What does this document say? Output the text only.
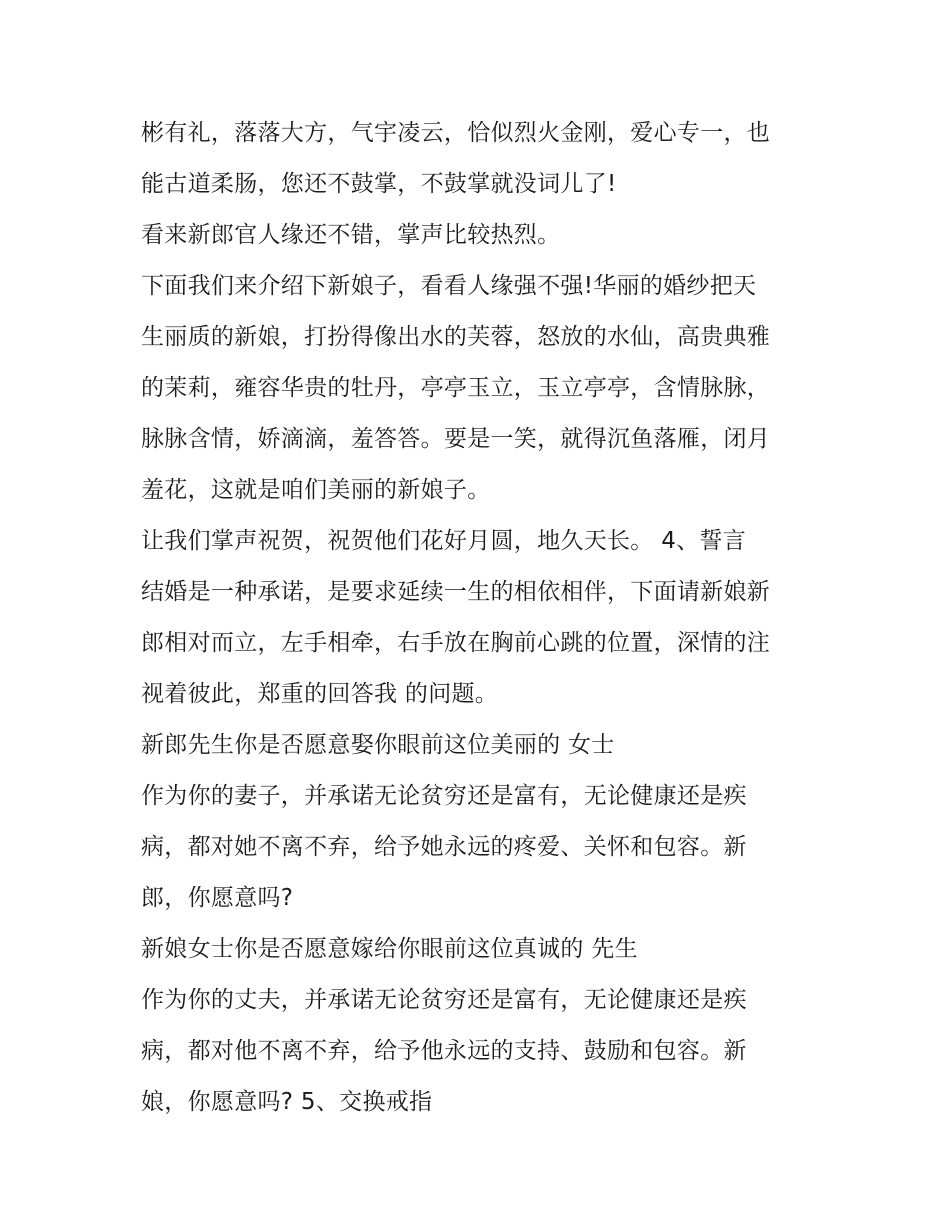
彬有礼，落落大方，气宇凌云，恰似烈火金刚，爱心专一，也
能古道柔肠，您还不鼓掌，不鼓掌就没词儿了!
看来新郎官人缘还不错，掌声比较热烈。
下面我们来介绍下新娘子，看看人缘强不强!华丽的婚纱把天
生丽质的新娘，打扮得像出水的芙蓉，怒放的水仙，高贵典雅
的茉莉，雍容华贵的牡丹，亭亭玉立，玉立亭亭，含情脉脉，
脉脉含情，娇滴滴，羞答答。要是一笑，就得沉鱼落雁，闭月
羞花，这就是咱们美丽的新娘子。
让我们掌声祝贺，祝贺他们花好月圆，地久天长。 4、誓言
结婚是一种承诺，是要求延续一生的相依相伴，下面请新娘新
郎相对而立，左手相牵，右手放在胸前心跳的位置，深情的注
视着彼此，郑重的回答我 的问题。
新郎先生你是否愿意娶你眼前这位美丽的 女士
作为你的妻子，并承诺无论贫穷还是富有，无论健康还是疾
病，都对她不离不弃，给予她永远的疼爱、关怀和包容。新
郎，你愿意吗?
新娘女士你是否愿意嫁给你眼前这位真诚的 先生
作为你的丈夫，并承诺无论贫穷还是富有，无论健康还是疾
病，都对他不离不弃，给予他永远的支持、鼓励和包容。新
娘，你愿意吗? 5、交换戒指
